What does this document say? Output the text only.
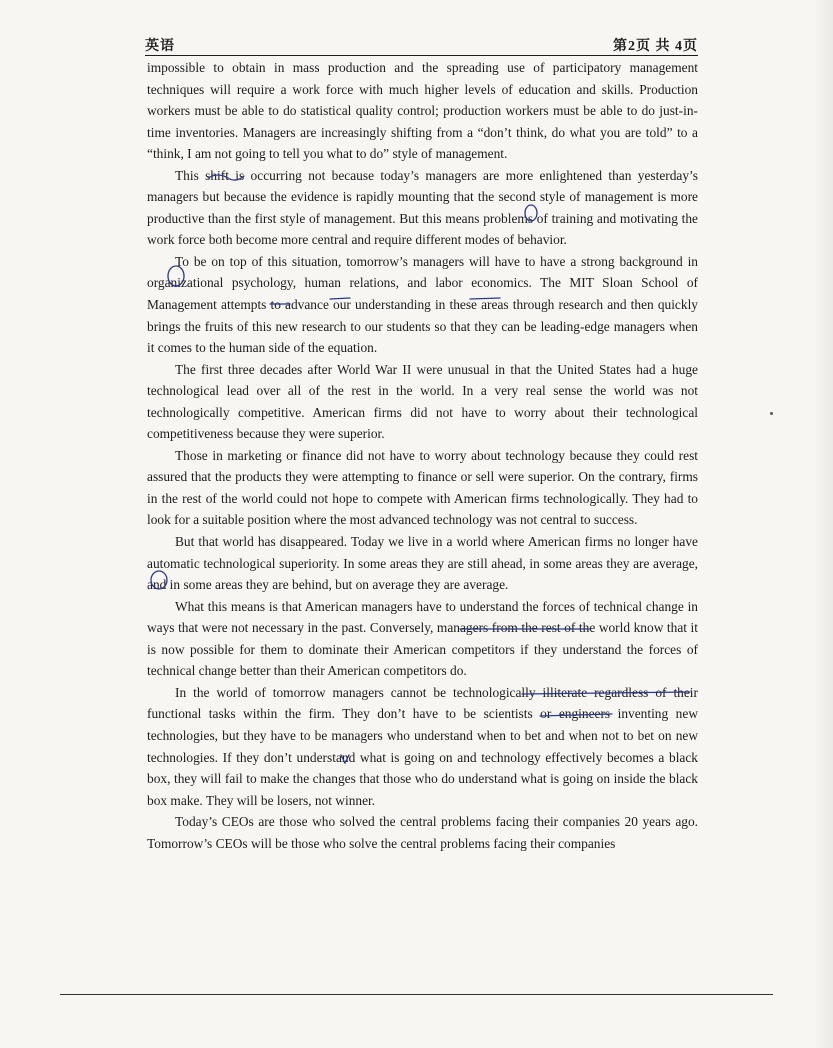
英语	第2页 共 4页

impossible to obtain in mass production and the spreading use of participatory management techniques will require a work force with much higher levels of education and skills. Production workers must be able to do statistical quality control; production workers must be able to do just-in-time inventories. Managers are increasingly shifting from a “don’t think, do what you are told” to a “think, I am not going to tell you what to do” style of management.

This shift is occurring not because today’s managers are more enlightened than yesterday’s managers but because the evidence is rapidly mounting that the second style of management is more productive than the first style of management. But this means problems of training and motivating the work force both become more central and require different modes of behavior.

To be on top of this situation, tomorrow’s managers will have to have a strong background in organizational psychology, human relations, and labor economics. The MIT Sloan School of Management attempts to advance our understanding in these areas through research and then quickly brings the fruits of this new research to our students so that they can be leading-edge managers when it comes to the human side of the equation.

The first three decades after World War II were unusual in that the United States had a huge technological lead over all of the rest in the world. In a very real sense the world was not technologically competitive. American firms did not have to worry about their technological competitiveness because they were superior.

Those in marketing or finance did not have to worry about technology because they could rest assured that the products they were attempting to finance or sell were superior. On the contrary, firms in the rest of the world could not hope to compete with American firms technologically. They had to look for a suitable position where the most advanced technology was not central to success.

But that world has disappeared. Today we live in a world where American firms no longer have automatic technological superiority. In some areas they are still ahead, in some areas they are average, and in some areas they are behind, but on average they are average.

What this means is that American managers have to understand the forces of technical change in ways that were not necessary in the past. Conversely, managers from the rest of the world know that it is now possible for them to dominate their American competitors if they understand the forces of technical change better than their American competitors do.

In the world of tomorrow managers cannot be technologically illiterate regardless of their functional tasks within the firm. They don’t have to be scientists or engineers inventing new technologies, but they have to be managers who understand when to bet and when not to bet on new technologies. If they don’t understand what is going on and technology effectively becomes a black box, they will fail to make the changes that those who do understand what is going on inside the black box make. They will be losers, not winner.

Today’s CEOs are those who solved the central problems facing their companies 20 years ago. Tomorrow’s CEOs will be those who solve the central problems facing their companies
